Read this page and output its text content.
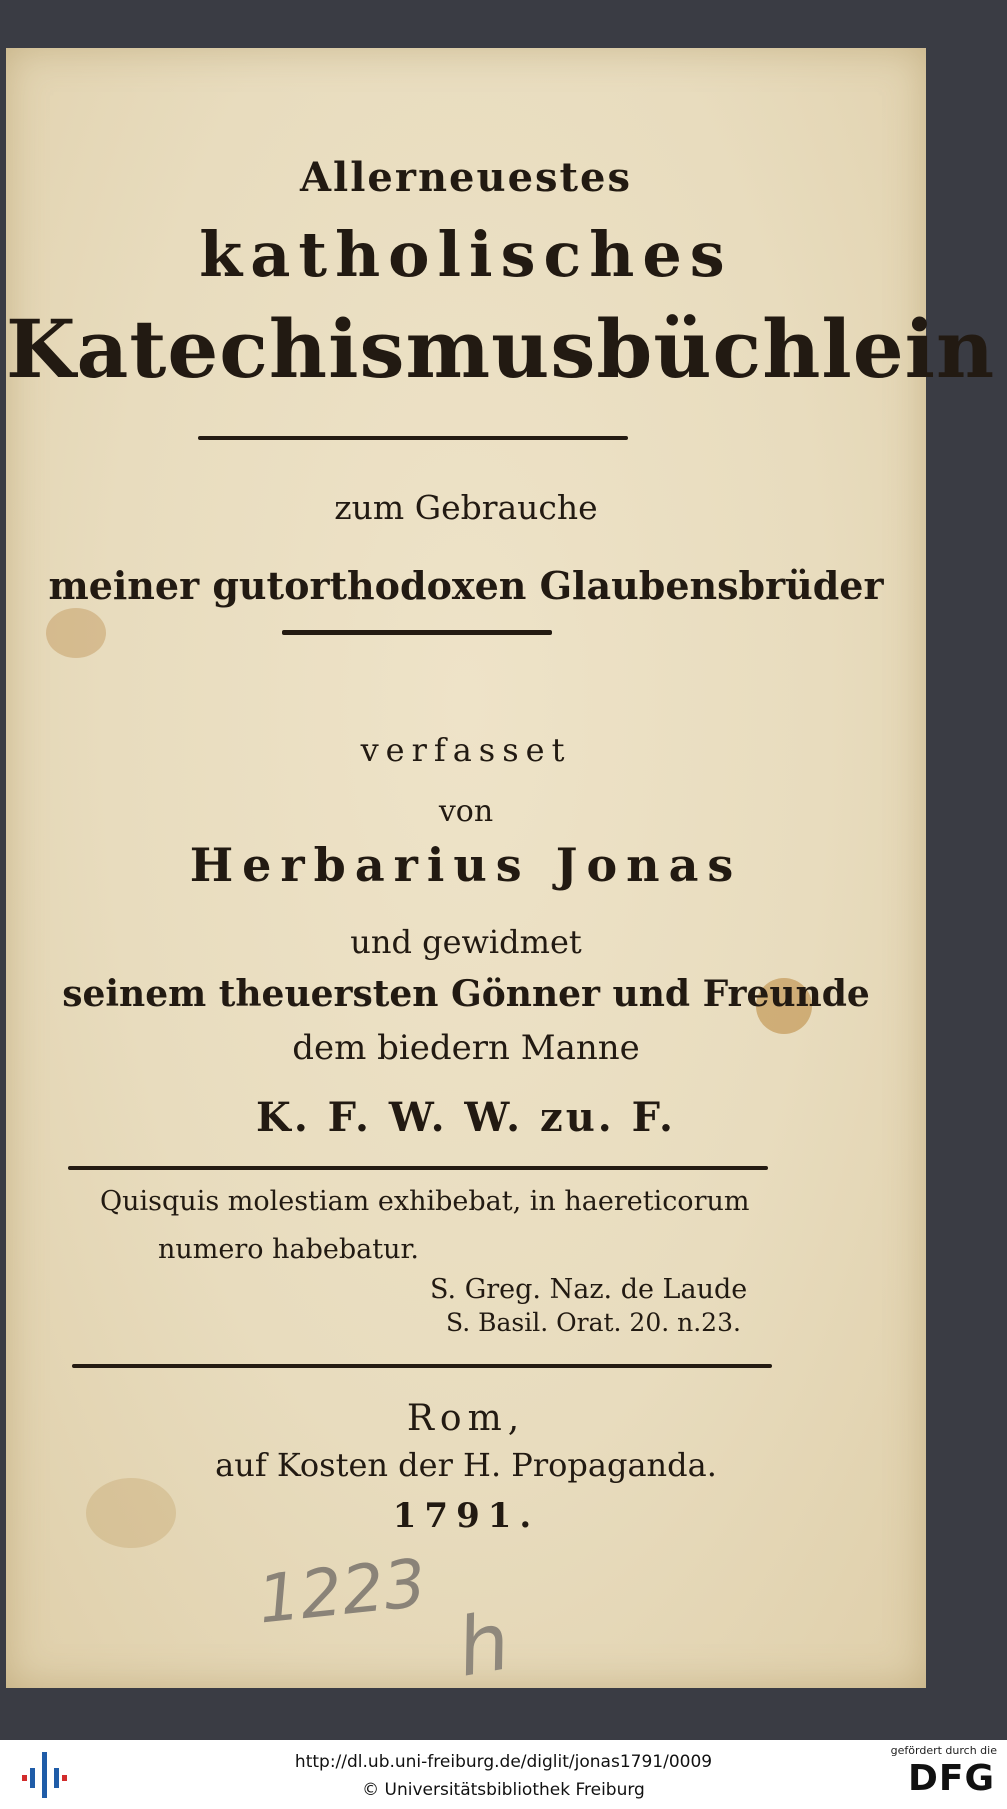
Allerneuestes
katholisches
Katechismusbüchlein
zum Gebrauche
meiner gutorthodoxen Glaubensbrüder
verfasset
von
Herbarius Jonas
und gewidmet
seinem theuersten Gönner und Freunde
dem biedern Manne
K. F. W. W. zu. F.
Quisquis molestiam exhibebat, in haereticorum
numero habebatur.
S. Greg. Naz. de Laude
S. Basil. Orat. 20. n.23.
Rom,
auf Kosten der H. Propaganda.
1791.
1223
h
http://dl.ub.uni-freiburg.de/diglit/jonas1791/0009
© Universitätsbibliothek Freiburg
gefördert durch die
DFG
